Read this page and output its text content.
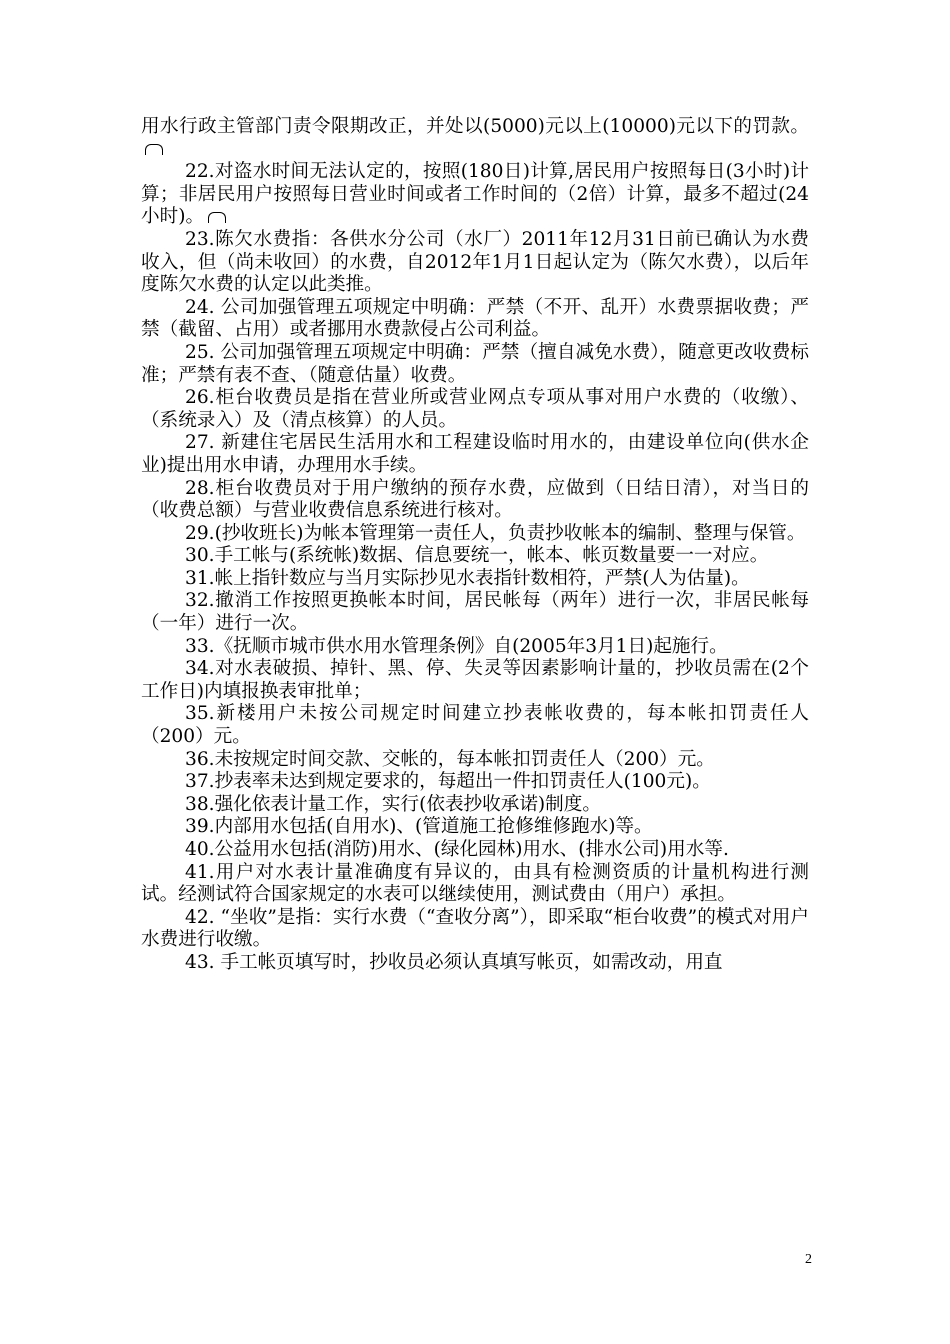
用水行政主管部门责令限期改正，并处以(5000)元以上(10000)元以下的罚款。

22.对盗水时间无法认定的，按照(180日)计算,居民用户按照每日(3小时)计算；非居民用户按照每日营业时间或者工作时间的（2倍）计算，最多不超过(24小时)。

23.陈欠水费指：各供水分公司（水厂）2011年12月31日前已确认为水费收入，但（尚未收回）的水费，自2012年1月1日起认定为（陈欠水费），以后年度陈欠水费的认定以此类推。

24. 公司加强管理五项规定中明确：严禁（不开、乱开）水费票据收费；严禁（截留、占用）或者挪用水费款侵占公司利益。

25. 公司加强管理五项规定中明确：严禁（擅自减免水费），随意更改收费标准；严禁有表不查、（随意估量）收费。

26.柜台收费员是指在营业所或营业网点专项从事对用户水费的（收缴）、（系统录入）及（清点核算）的人员。

27. 新建住宅居民生活用水和工程建设临时用水的，由建设单位向(供水企业)提出用水申请，办理用水手续。

28.柜台收费员对于用户缴纳的预存水费，应做到（日结日清），对当日的（收费总额）与营业收费信息系统进行核对。

29.(抄收班长)为帐本管理第一责任人，负责抄收帐本的编制、整理与保管。

30.手工帐与(系统帐)数据、信息要统一，帐本、帐页数量要一一对应。

31.帐上指针数应与当月实际抄见水表指针数相符，严禁(人为估量)。

32.撤消工作按照更换帐本时间，居民帐每（两年）进行一次，非居民帐每（一年）进行一次。

33.《抚顺市城市供水用水管理条例》自(2005年3月1日)起施行。

34.对水表破损、掉针、黑、停、失灵等因素影响计量的，抄收员需在(2个工作日)内填报换表审批单；

35.新楼用户未按公司规定时间建立抄表帐收费的，每本帐扣罚责任人（200）元。

36.未按规定时间交款、交帐的，每本帐扣罚责任人（200）元。

37.抄表率未达到规定要求的，每超出一件扣罚责任人(100元)。

38.强化依表计量工作，实行(依表抄收承诺)制度。

39.内部用水包括(自用水)、(管道施工抢修维修跑水)等。

40.公益用水包括(消防)用水、(绿化园林)用水、(排水公司)用水等.

41.用户对水表计量准确度有异议的，由具有检测资质的计量机构进行测试。经测试符合国家规定的水表可以继续使用，测试费由（用户）承担。

42. “坐收”是指：实行水费（“查收分离”），即采取“柜台收费”的模式对用户水费进行收缴。

43. 手工帐页填写时，抄收员必须认真填写帐页，如需改动，用直

2
